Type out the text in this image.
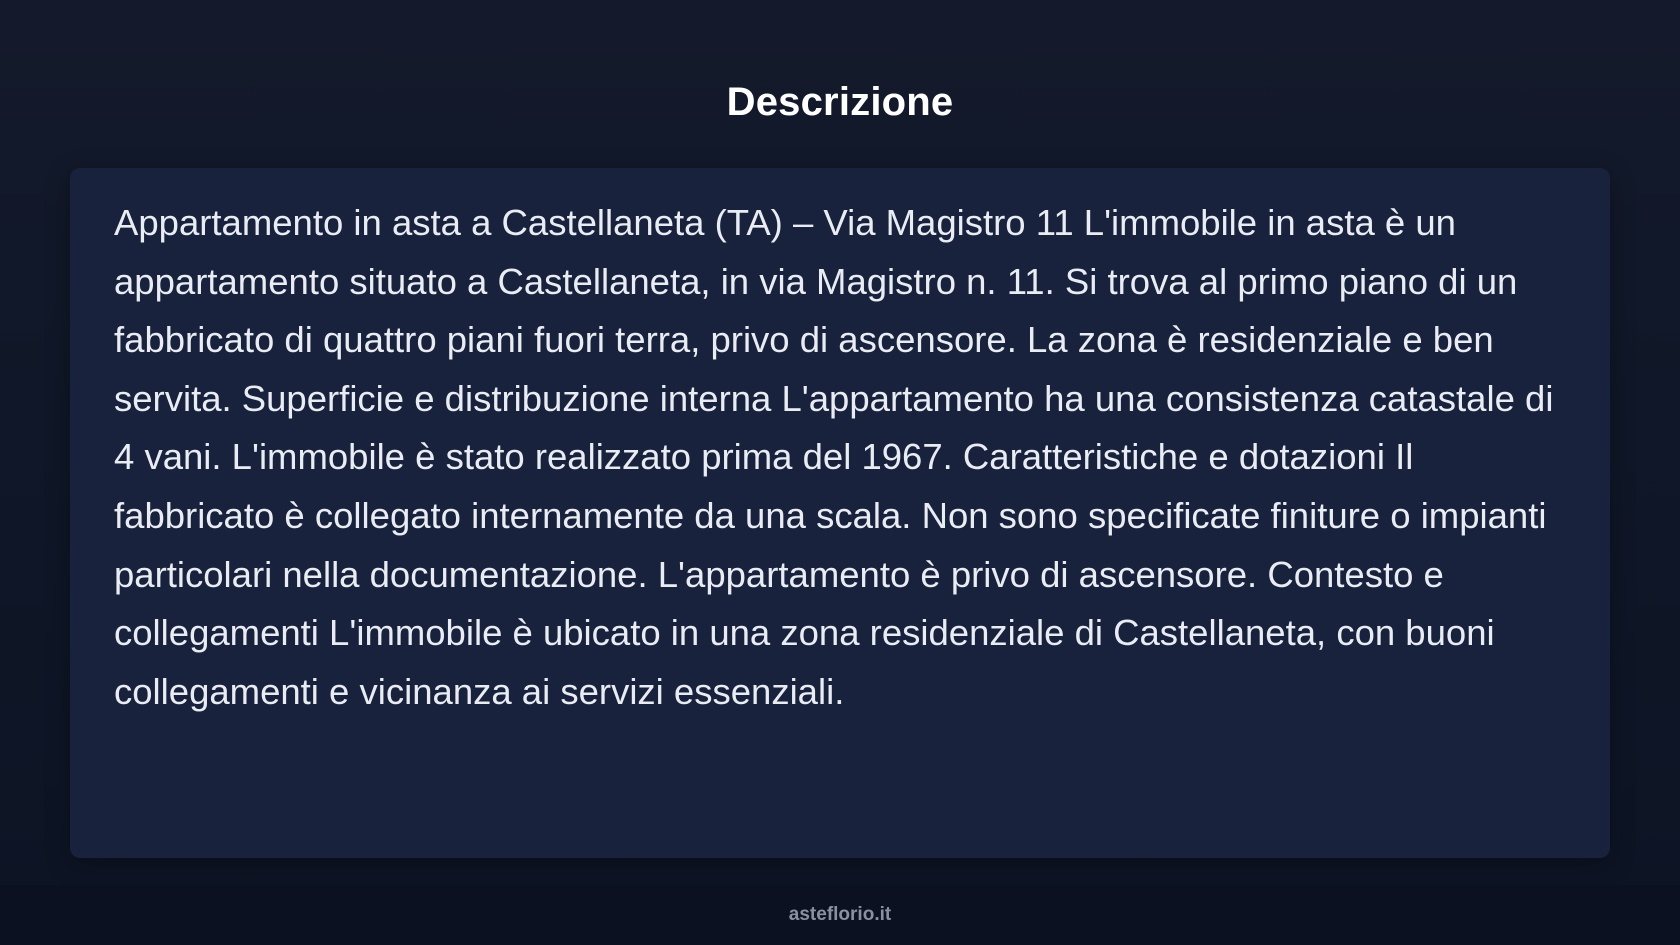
Descrizione

Appartamento in asta a Castellaneta (TA) – Via Magistro 11 L'immobile in asta è un appartamento situato a Castellaneta, in via Magistro n. 11. Si trova al primo piano di un fabbricato di quattro piani fuori terra, privo di ascensore. La zona è residenziale e ben servita. Superficie e distribuzione interna L'appartamento ha una consistenza catastale di 4 vani. L'immobile è stato realizzato prima del 1967. Caratteristiche e dotazioni Il fabbricato è collegato internamente da una scala. Non sono specificate finiture o impianti particolari nella documentazione. L'appartamento è privo di ascensore. Contesto e collegamenti L'immobile è ubicato in una zona residenziale di Castellaneta, con buoni collegamenti e vicinanza ai servizi essenziali.

asteflorio.it
